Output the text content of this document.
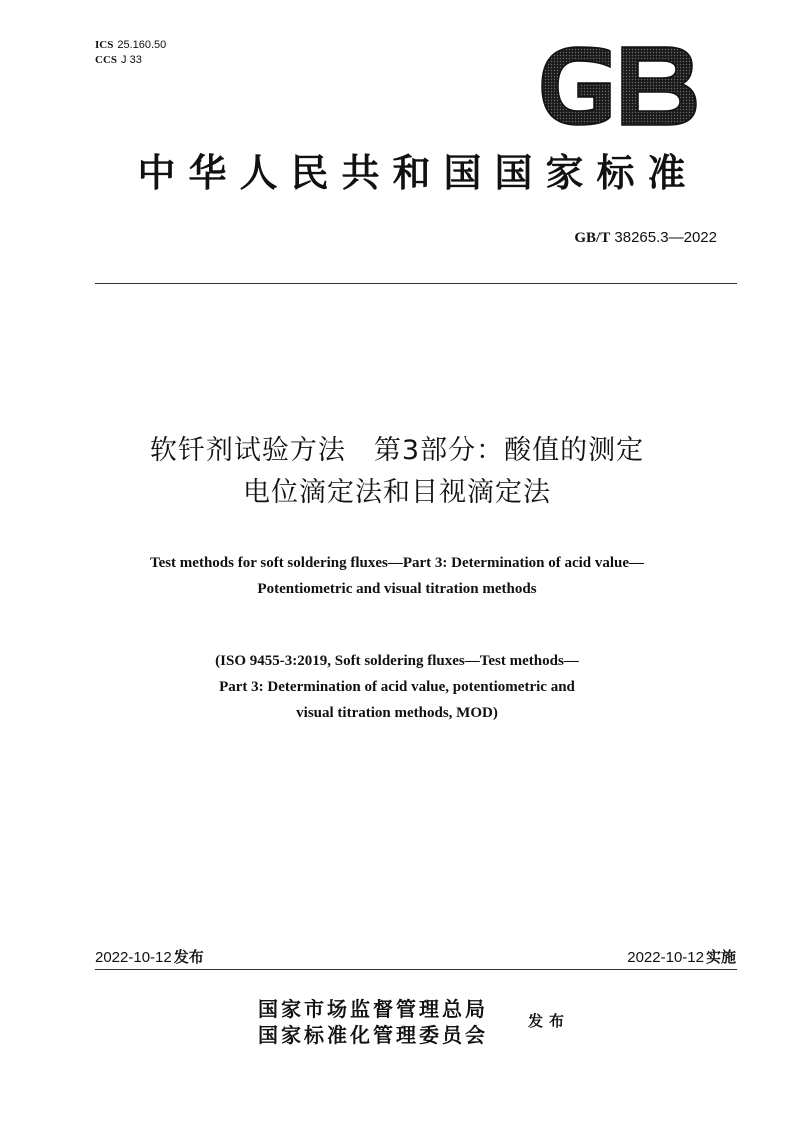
ICS 25.160.50
CCS J 33
中华人民共和国国家标准
GB/T 38265.3—2022
软钎剂试验方法　第3部分：酸值的测定
电位滴定法和目视滴定法
Test methods for soft soldering fluxes—Part 3: Determination of acid value—
Potentiometric and visual titration methods
(ISO 9455-3:2019, Soft soldering fluxes—Test methods—
Part 3: Determination of acid value, potentiometric and
visual titration methods, MOD)
2022-10-12 发布	2022-10-12 实施
国家市场监督管理总局
国家标准化管理委员会
发布
